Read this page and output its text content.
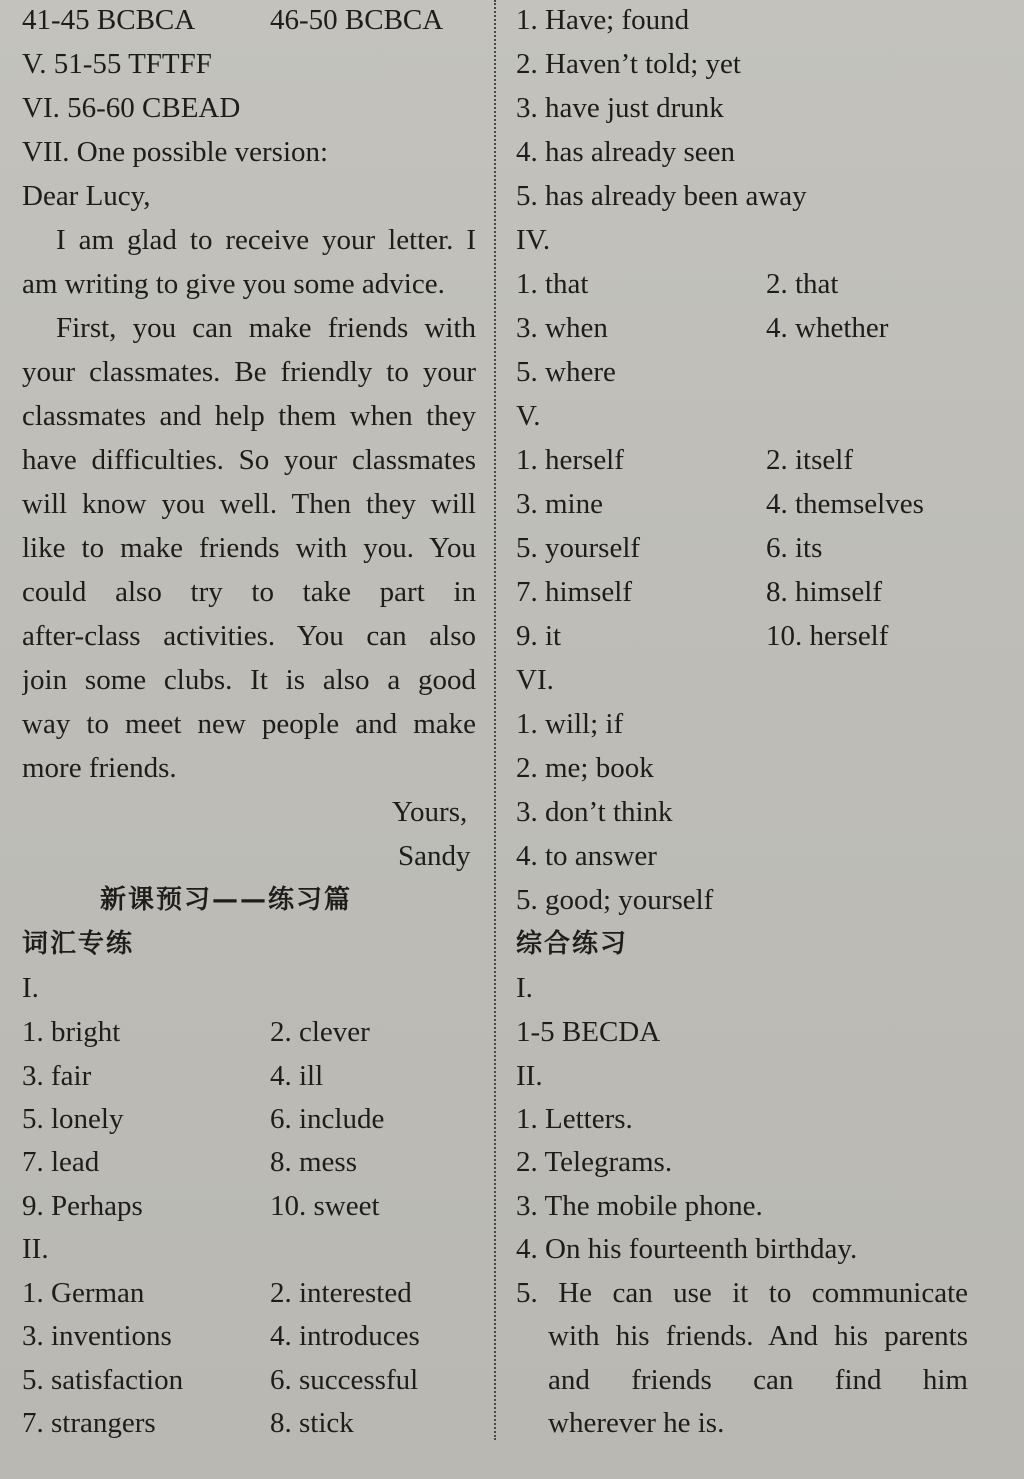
41-45 BCBCA	46-50 BCBCA
V. 51-55 TFTFF
VI. 56-60 CBEAD
VII. One possible version:
Dear Lucy,
I am glad to receive your letter. I
am writing to give you some advice.
First, you can make friends with
your classmates. Be friendly to your
classmates and help them when they
have difficulties. So your classmates
will know you well. Then they will
like to make friends with you. You
could also try to take part in
after-class activities. You can also
join some clubs. It is also a good
way to meet new people and make
more friends.
Yours,
Sandy
新课预习——练习篇
词汇专练
I.
1. bright	2. clever
3. fair	4. ill
5. lonely	6. include
7. lead	8. mess
9. Perhaps	10. sweet
II.
1. German	2. interested
3. inventions	4. introduces
5. satisfaction	6. successful
7. strangers	8. stick
1. Have; found
2. Haven’t told; yet
3. have just drunk
4. has already seen
5. has already been away
IV.
1. that	2. that
3. when	4. whether
5. where
V.
1. herself	2. itself
3. mine	4. themselves
5. yourself	6. its
7. himself	8. himself
9. it	10. herself
VI.
1. will; if
2. me; book
3. don’t think
4. to answer
5. good; yourself
综合练习
I.
1-5 BECDA
II.
1. Letters.
2. Telegrams.
3. The mobile phone.
4. On his fourteenth birthday.
5. He can use it to communicate
with his friends. And his parents
and friends can find him
wherever he is.
